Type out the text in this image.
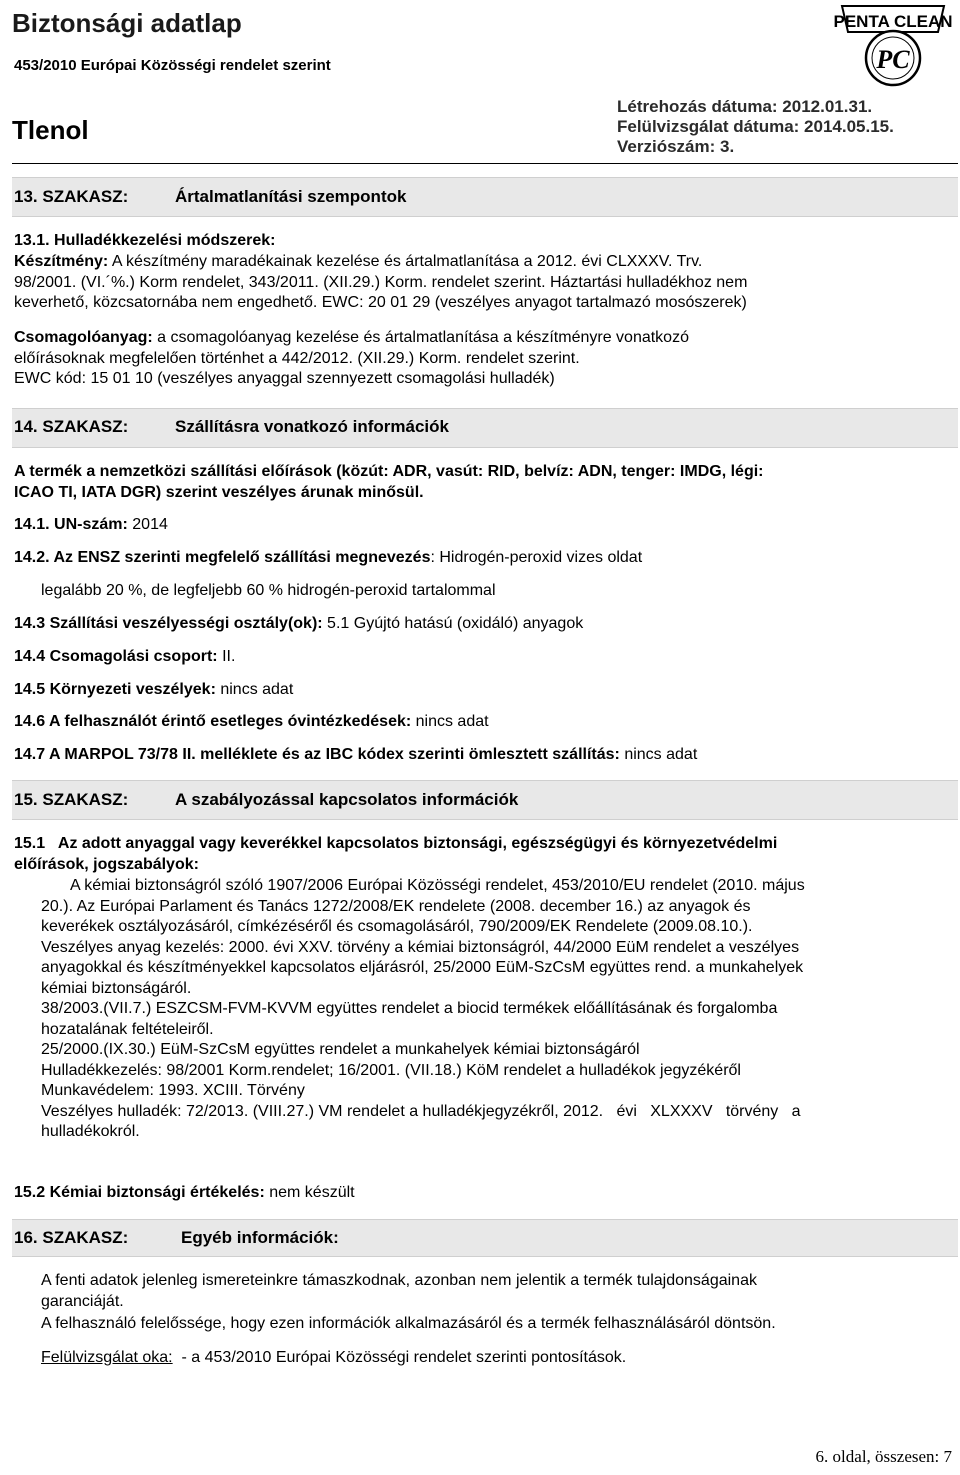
Biztonsági adatlap
453/2010 Európai Közösségi rendelet szerint
Tlenol
Létrehozás dátuma: 2012.01.31.
Felülvizsgálat dátuma: 2014.05.15.
Verziószám: 3.
PENTA CLEAN
PC
13. SZAKASZ:	Ártalmatlanítási szempontok
13.1. Hulladékkezelési módszerek:
Készítmény: A készítmény maradékainak kezelése és ártalmatlanítása a 2012. évi CLXXXV. Trv.
98/2001. (VI.´%.) Korm rendelet, 343/2011. (XII.29.) Korm. rendelet szerint. Háztartási hulladékhoz nem
keverhető, közcsatornába nem engedhető. EWC: 20 01 29 (veszélyes anyagot tartalmazó mosószerek)
Csomagolóanyag: a csomagolóanyag kezelése és ártalmatlanítása a készítményre vonatkozó
előírásoknak megfelelően történhet a 442/2012. (XII.29.) Korm. rendelet szerint.
EWC kód: 15 01 10 (veszélyes anyaggal szennyezett csomagolási hulladék)
14. SZAKASZ:	Szállításra vonatkozó információk
A termék a nemzetközi szállítási előírások (közút: ADR, vasút: RID, belvíz: ADN, tenger: IMDG, légi:
ICAO TI, IATA DGR) szerint veszélyes árunak minősül.
14.1. UN-szám: 2014
14.2. Az ENSZ szerinti megfelelő szállítási megnevezés: Hidrogén-peroxid vizes oldat
legalább 20 %, de legfeljebb 60 % hidrogén-peroxid tartalommal
14.3 Szállítási veszélyességi osztály(ok): 5.1 Gyújtó hatású (oxidáló) anyagok
14.4 Csomagolási csoport: II.
14.5 Környezeti veszélyek: nincs adat
14.6 A felhasználót érintő esetleges óvintézkedések: nincs adat
14.7 A MARPOL 73/78 II. melléklete és az IBC kódex szerinti ömlesztett szállítás: nincs adat
15. SZAKASZ:	A szabályozással kapcsolatos információk
15.1   Az adott anyaggal vagy keverékkel kapcsolatos biztonsági, egészségügyi és környezetvédelmi
előírások, jogszabályok:
A kémiai biztonságról szóló 1907/2006 Európai Közösségi rendelet, 453/2010/EU rendelet (2010. május
20.). Az Európai Parlament és Tanács 1272/2008/EK rendelete (2008. december 16.) az anyagok és
keverékek osztályozásáról, címkézéséről és csomagolásáról, 790/2009/EK Rendelete (2009.08.10.).
Veszélyes anyag kezelés: 2000. évi XXV. törvény a kémiai biztonságról, 44/2000 EüM rendelet a veszélyes
anyagokkal és készítményekkel kapcsolatos eljárásról, 25/2000 EüM-SzCsM együttes rend. a munkahelyek
kémiai biztonságáról.
38/2003.(VII.7.) ESZCSM-FVM-KVVM együttes rendelet a biocid termékek előállításának és forgalomba
hozatalának feltételeiről.
25/2000.(IX.30.) EüM-SzCsM együttes rendelet a munkahelyek kémiai biztonságáról
Hulladékkezelés: 98/2001 Korm.rendelet; 16/2001. (VII.18.) KöM rendelet a hulladékok jegyzékéről
Munkavédelem: 1993. XCIII. Törvény
Veszélyes hulladék: 72/2013. (VIII.27.) VM rendelet a hulladékjegyzékről, 2012.   évi   XLXXXV   törvény   a
hulladékokról.
15.2 Kémiai biztonsági értékelés: nem készült
16. SZAKASZ:	Egyéb információk:
A fenti adatok jelenleg ismereteinkre támaszkodnak, azonban nem jelentik a termék tulajdonságainak
garanciáját.
A felhasználó felelőssége, hogy ezen információk alkalmazásáról és a termék felhasználásáról döntsön.
Felülvizsgálat oka:  - a 453/2010 Európai Közösségi rendelet szerinti pontosítások.
6. oldal, összesen: 7
